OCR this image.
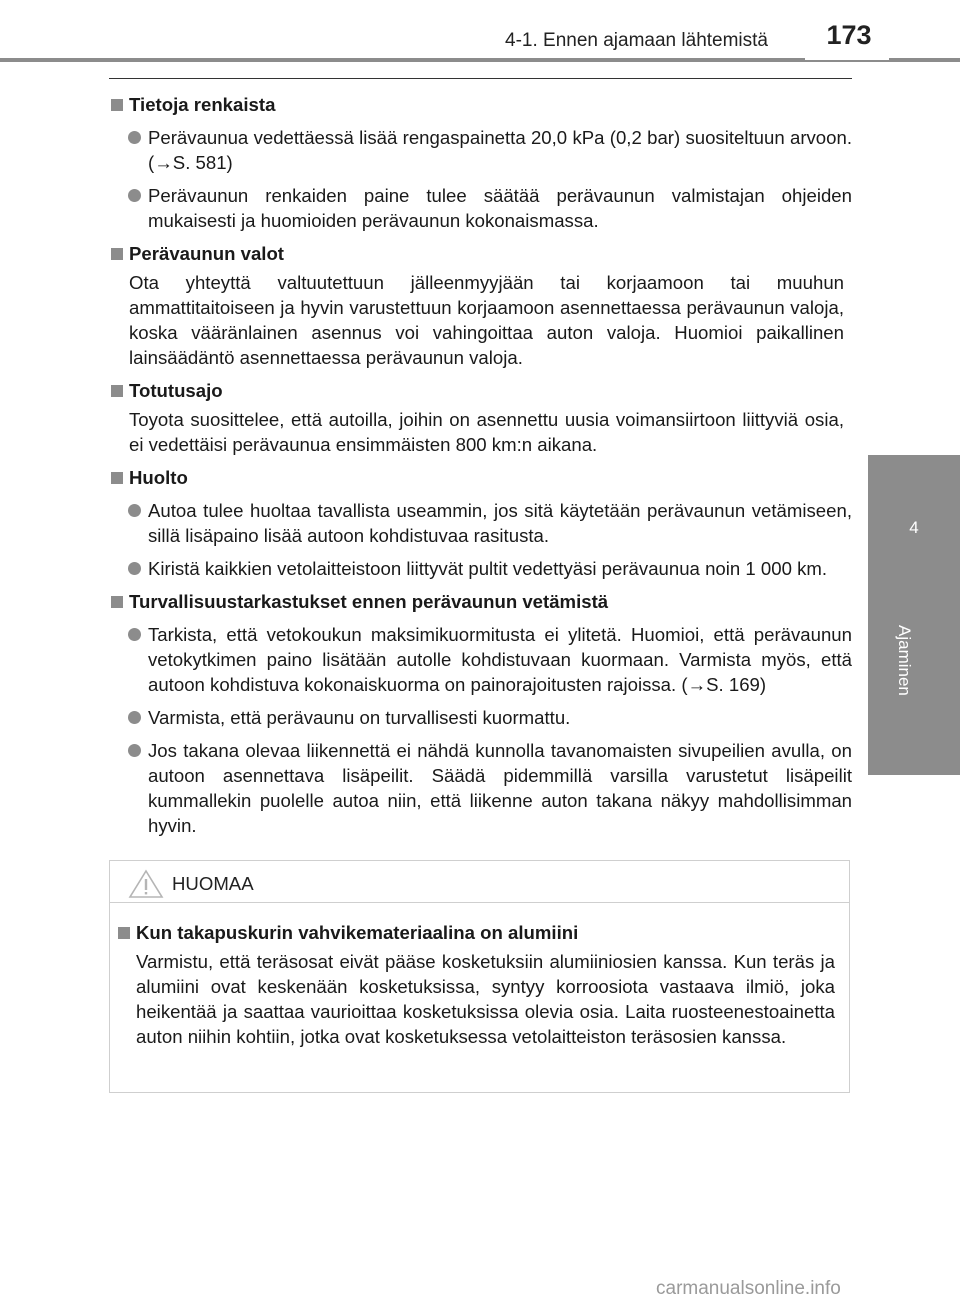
4-1. Ennen ajamaan lähtemistä	173
4
Ajaminen
Tietoja renkaista
Perävaunua vedettäessä lisää rengaspainetta 20,0 kPa (0,2 bar) suositeltuun arvoon. (→S. 581)
Perävaunun renkaiden paine tulee säätää perävaunun valmistajan ohjeiden mukaisesti ja huomioiden perävaunun kokonaismassa.
Perävaunun valot
Ota yhteyttä valtuutettuun jälleenmyyjään tai korjaamoon tai muuhun ammattitaitoiseen ja hyvin varustettuun korjaamoon asennettaessa perävaunun valoja, koska vääränlainen asennus voi vahingoittaa auton valoja. Huomioi paikallinen lainsäädäntö asennettaessa perävaunun valoja.
Totutusajo
Toyota suosittelee, että autoilla, joihin on asennettu uusia voimansiirtoon liittyviä osia, ei vedettäisi perävaunua ensimmäisten 800 km:n aikana.
Huolto
Autoa tulee huoltaa tavallista useammin, jos sitä käytetään perävaunun vetämiseen, sillä lisäpaino lisää autoon kohdistuvaa rasitusta.
Kiristä kaikkien vetolaitteistoon liittyvät pultit vedettyäsi perävaunua noin 1 000 km.
Turvallisuustarkastukset ennen perävaunun vetämistä
Tarkista, että vetokoukun maksimikuormitusta ei ylitetä. Huomioi, että perävaunun vetokytkimen paino lisätään autolle kohdistuvaan kuormaan. Varmista myös, että autoon kohdistuva kokonaiskuorma on painorajoitusten rajoissa. (→S. 169)
Varmista, että perävaunu on turvallisesti kuormattu.
Jos takana olevaa liikennettä ei nähdä kunnolla tavanomaisten sivupeilien avulla, on autoon asennettava lisäpeilit. Säädä pidemmillä varsilla varustetut lisäpeilit kummallekin puolelle autoa niin, että liikenne auton takana näkyy mahdollisimman hyvin.
HUOMAA
Kun takapuskurin vahvikemateriaalina on alumiini
Varmistu, että teräsosat eivät pääse kosketuksiin alumiiniosien kanssa. Kun teräs ja alumiini ovat keskenään kosketuksissa, syntyy korroosiota vastaava ilmiö, joka heikentää ja saattaa vaurioittaa kosketuksissa olevia osia. Laita ruosteenestoainetta auton niihin kohtiin, jotka ovat kosketuksessa vetolaitteiston teräsosien kanssa.
carmanualsonline.info
